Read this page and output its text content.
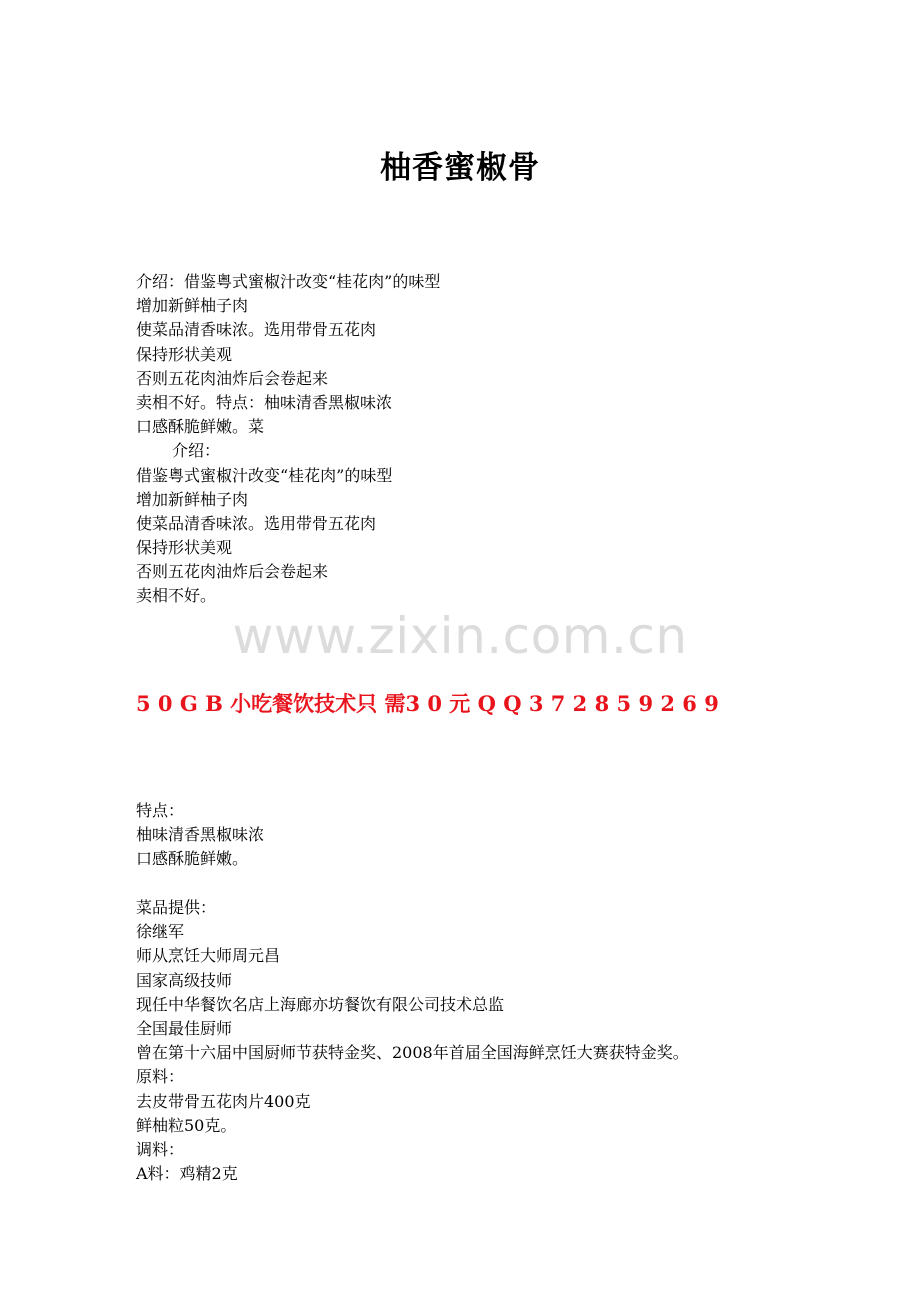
柚香蜜椒骨
介绍：借鉴粤式蜜椒汁改变“桂花肉”的味型
增加新鲜柚子肉
使菜品清香味浓。选用带骨五花肉
保持形状美观
否则五花肉油炸后会卷起来
卖相不好。特点：柚味清香黑椒味浓
口感酥脆鲜嫩。菜
介绍：
借鉴粤式蜜椒汁改变“桂花肉”的味型
增加新鲜柚子肉
使菜品清香味浓。选用带骨五花肉
保持形状美观
否则五花肉油炸后会卷起来
卖相不好。
www.zixin.com.cn
5 0 G B 小吃餐饮技术只 需3 0 元 Q Q 3 7 2 8 5 9 2 6 9
特点：
柚味清香黑椒味浓
口感酥脆鲜嫩。
菜品提供：
徐继军
师从烹饪大师周元昌
国家高级技师
现任中华餐饮名店上海廊亦坊餐饮有限公司技术总监
全国最佳厨师
曾在第十六届中国厨师节获特金奖、2008年首届全国海鲜烹饪大赛获特金奖。
原料：
去皮带骨五花肉片400克
鲜柚粒50克。
调料：
A料：鸡精2克
